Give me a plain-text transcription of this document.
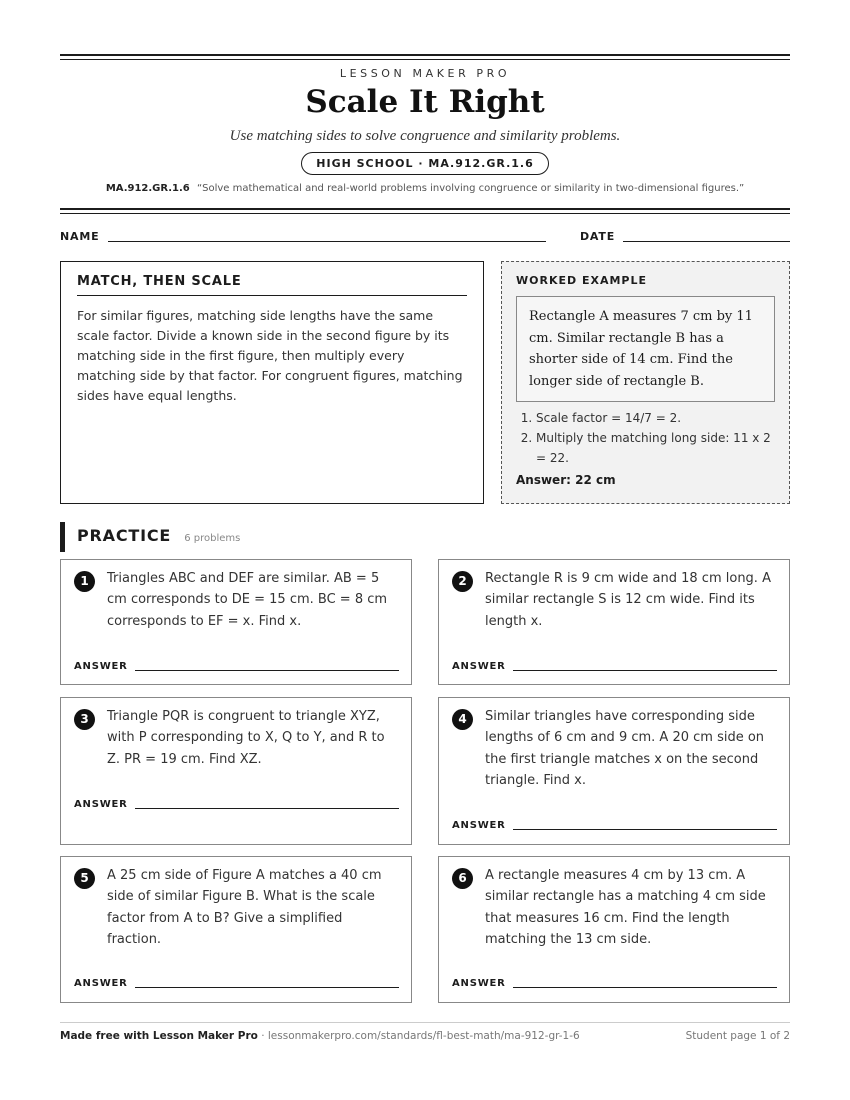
LESSON MAKER PRO
Scale It Right
Use matching sides to solve congruence and similarity problems.
HIGH SCHOOL · MA.912.GR.1.6
MA.912.GR.1.6 “Solve mathematical and real-world problems involving congruence or similarity in two-dimensional figures.”
NAME	DATE
MATCH, THEN SCALE

For similar figures, matching side lengths have the same scale factor. Divide a known side in the second figure by its matching side in the first figure, then multiply every matching side by that factor. For congruent figures, matching sides have equal lengths.

WORKED EXAMPLE
Rectangle A measures 7 cm by 11 cm. Similar rectangle B has a shorter side of 14 cm. Find the longer side of rectangle B.
1. Scale factor = 14/7 = 2.
2. Multiply the matching long side: 11 x 2 = 22.
Answer: 22 cm
PRACTICE 6 problems
1	Triangles ABC and DEF are similar. AB = 5 cm corresponds to DE = 15 cm. BC = 8 cm corresponds to EF = x. Find x.
ANSWER
2	Rectangle R is 9 cm wide and 18 cm long. A similar rectangle S is 12 cm wide. Find its length x.
ANSWER
3	Triangle PQR is congruent to triangle XYZ, with P corresponding to X, Q to Y, and R to Z. PR = 19 cm. Find XZ.
ANSWER
4	Similar triangles have corresponding side lengths of 6 cm and 9 cm. A 20 cm side on the first triangle matches x on the second triangle. Find x.
ANSWER
5	A 25 cm side of Figure A matches a 40 cm side of similar Figure B. What is the scale factor from A to B? Give a simplified fraction.
ANSWER
6	A rectangle measures 4 cm by 13 cm. A similar rectangle has a matching 4 cm side that measures 16 cm. Find the length matching the 13 cm side.
ANSWER
Made free with Lesson Maker Pro · lessonmakerpro.com/standards/fl-best-math/ma-912-gr-1-6	Student page 1 of 2
